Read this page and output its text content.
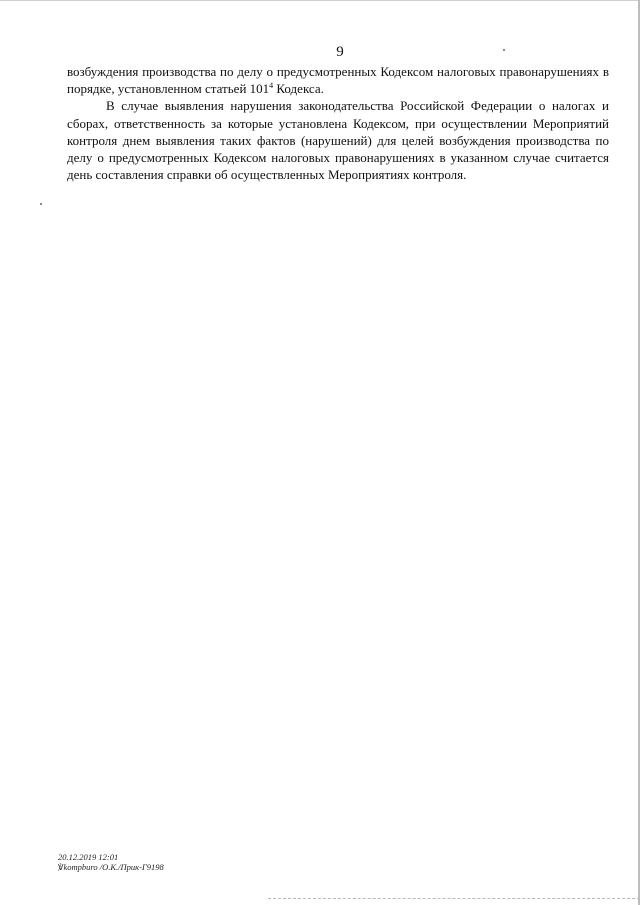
9

возбуждения производства по делу о предусмотренных Кодексом налоговых правонарушениях в порядке, установленном статьей $101^4$ Кодекса.

В случае выявления нарушения законодательства Российской Федерации о налогах и сборах, ответственность за которые установлена Кодексом, при осуществлении Мероприятий контроля днем выявления таких фактов (нарушений) для целей возбуждения производства по делу о предусмотренных Кодексом налоговых правонарушениях в указанном случае считается день составления справки об осуществленных Мероприятиях контроля.

20.12.2019 12:01
℣kompburo /О.К./Прик-Г9198
